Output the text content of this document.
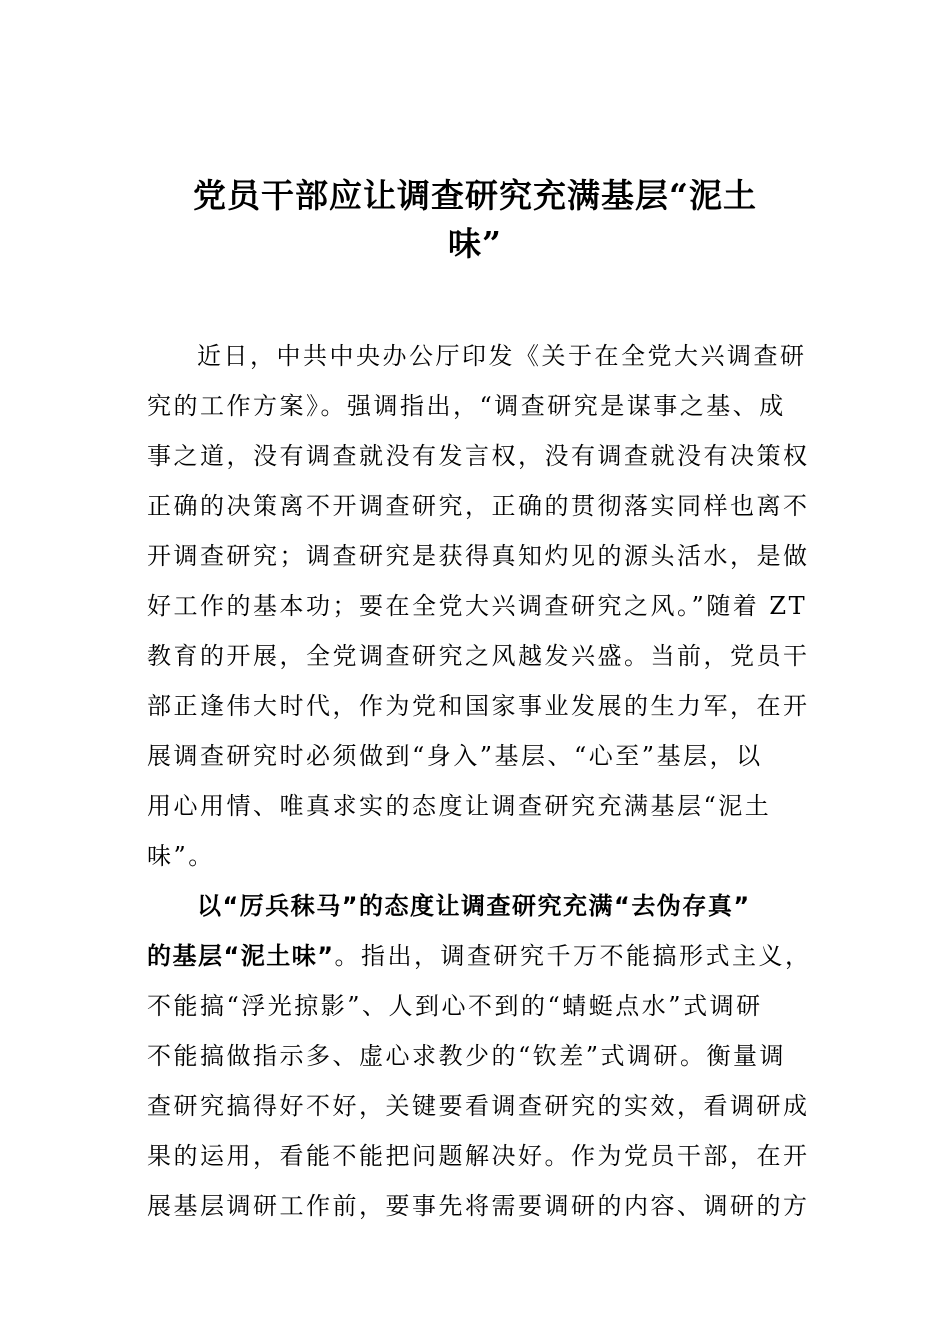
党员干部应让调查研究充满基层“泥土
味”
近日，中共中央办公厅印发《关于在全党大兴调查研
究的工作方案》。强调指出，“调查研究是谋事之基、成
事之道，没有调查就没有发言权，没有调查就没有决策权
正确的决策离不开调查研究，正确的贯彻落实同样也离不
开调查研究；调查研究是获得真知灼见的源头活水，是做
好工作的基本功；要在全党大兴调查研究之风。”随着 ZT
教育的开展，全党调查研究之风越发兴盛。当前，党员干
部正逢伟大时代，作为党和国家事业发展的生力军，在开
展调查研究时必须做到“身入”基层、“心至”基层，以
用心用情、唯真求实的态度让调查研究充满基层“泥土
味”。
以“厉兵秣马”的态度让调查研究充满“去伪存真”
的基层“泥土味”。指出，调查研究千万不能搞形式主义，
不能搞“浮光掠影”、人到心不到的“蜻蜓点水”式调研
不能搞做指示多、虚心求教少的“钦差”式调研。衡量调
查研究搞得好不好，关键要看调查研究的实效，看调研成
果的运用，看能不能把问题解决好。作为党员干部，在开
展基层调研工作前，要事先将需要调研的内容、调研的方
